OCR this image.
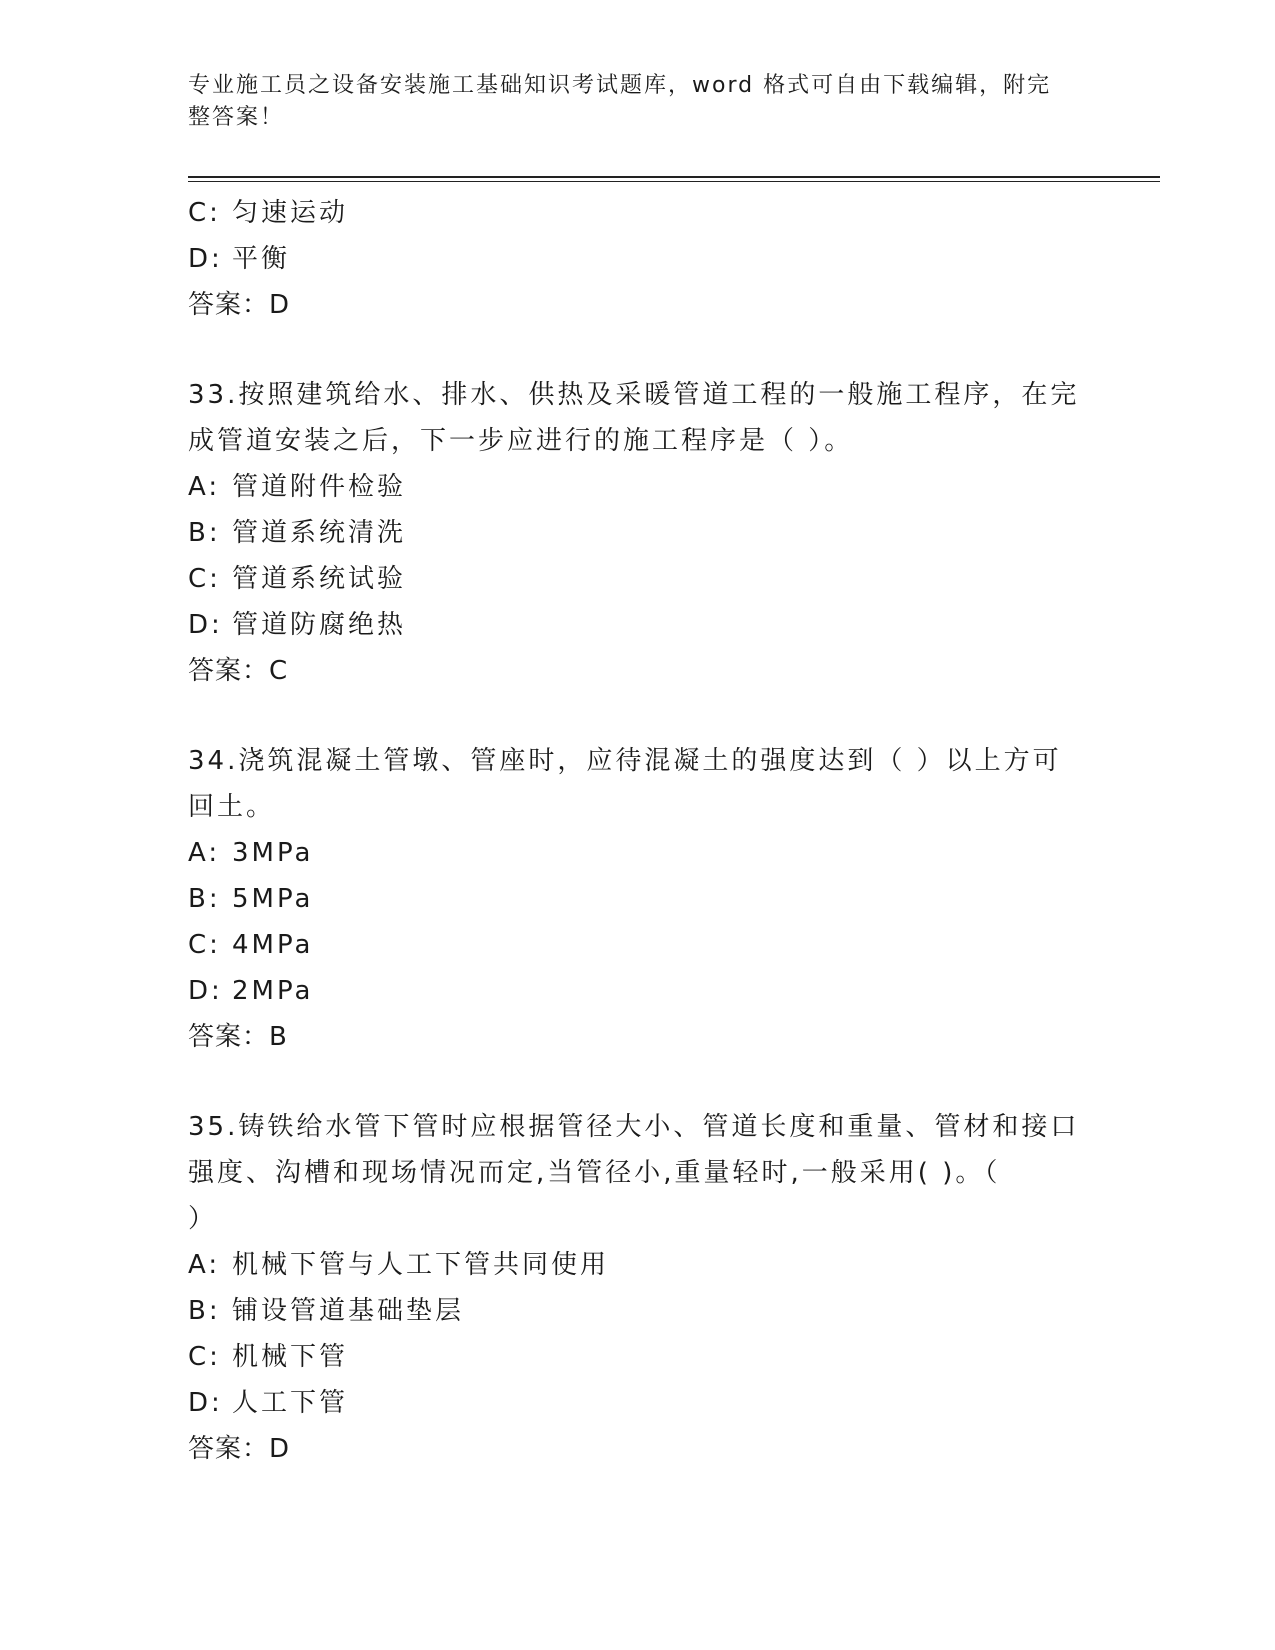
专业施工员之设备安装施工基础知识考试题库，word 格式可自由下载编辑，附完
整答案！
C: 匀速运动
D: 平衡
答案：D
33.按照建筑给水、排水、供热及采暖管道工程的一般施工程序，在完
成管道安装之后，下一步应进行的施工程序是（ ）。
A: 管道附件检验
B: 管道系统清洗
C: 管道系统试验
D: 管道防腐绝热
答案：C
34.浇筑混凝土管墩、管座时，应待混凝土的强度达到（ ）以上方可
回土。
A: 3MPa
B: 5MPa
C: 4MPa
D: 2MPa
答案：B
35.铸铁给水管下管时应根据管径大小、管道长度和重量、管材和接口
强度、沟槽和现场情况而定,当管径小,重量轻时,一般采用( )。（
）
A: 机械下管与人工下管共同使用
B: 铺设管道基础垫层
C: 机械下管
D: 人工下管
答案：D
